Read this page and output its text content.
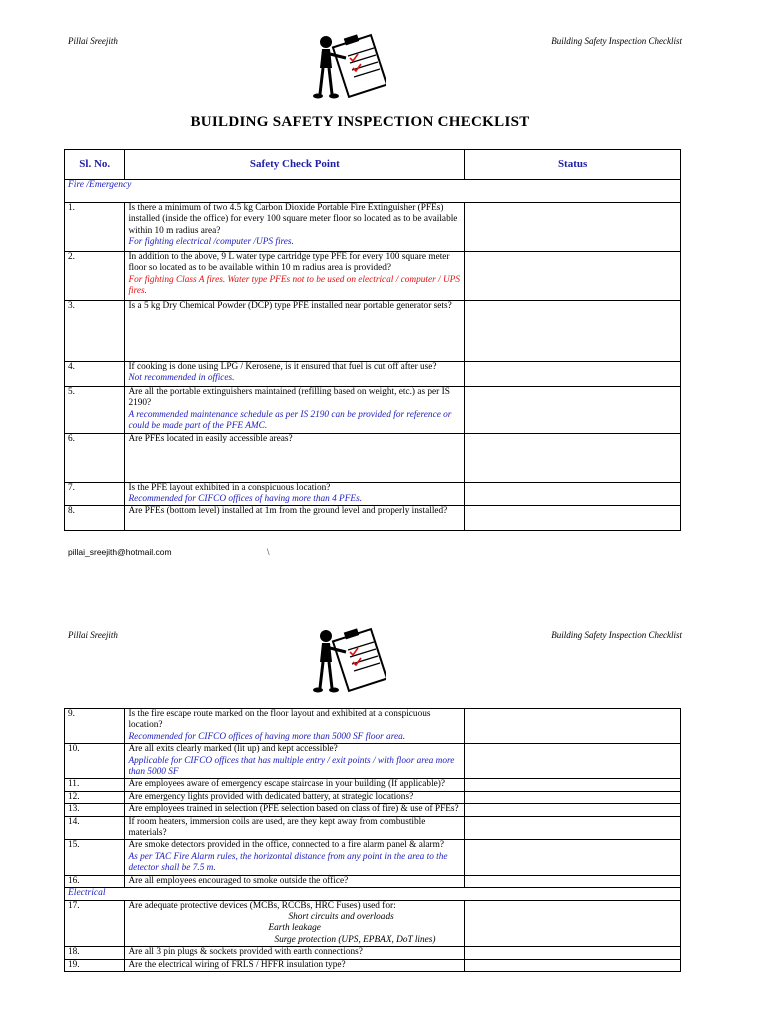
Pillai Sreejith	Building Safety Inspection Checklist
BUILDING SAFETY INSPECTION CHECKLIST
Sl. No.	Safety Check Point	Status
Fire /Emergency		
1.	Is there a minimum of two 4.5 kg Carbon Dioxide Portable Fire Extinguisher (PFEs) installed (inside the office) for every 100 square meter floor so located as to be available within 10 m radius area?
For fighting electrical /computer /UPS fires.	

2.	In addition to the above, 9 L water type cartridge type PFE for every 100 square meter floor so located as to be available within 10 m radius area is provided?
For fighting Class A fires. Water type PFEs not to be used on electrical / computer / UPS fires.	

3.	Is a 5 kg Dry Chemical Powder (DCP) type PFE installed near portable generator sets?	

4.	If cooking is done using LPG / Kerosene, is it ensured that fuel is cut off after use?
Not recommended in offices.	

5.	Are all the portable extinguishers maintained (refilling based on weight, etc.) as per IS 2190?
A recommended maintenance schedule as per IS 2190 can be provided for reference or could be made part of the PFE AMC.	

6.	Are PFEs located in easily accessible areas?	

7.	Is the PFE layout exhibited in a conspicuous location?
Recommended for CIFCO offices of having more than 4 PFEs.	

8.	Are PFEs (bottom level) installed at 1m from the ground level and properly installed?	

pillai_sreejith@hotmail.com	\
Pillai Sreejith	Building Safety Inspection Checklist
9.	Is the fire escape route marked on the floor layout and exhibited at a conspicuous location?
Recommended for CIFCO offices of having more than 5000 SF floor area.	

10.	Are all exits clearly marked (lit up) and kept accessible?
Applicable for CIFCO offices that has multiple entry / exit points / with floor area more than 5000 SF	

11.	Are employees aware of emergency escape staircase in your building (If applicable)?	

12.	Are emergency lights provided with dedicated battery, at strategic locations?	

13.	Are employees trained in selection (PFE selection based on class of fire) & use of PFEs?	

14.	If room heaters, immersion coils are used, are they kept away from combustible materials?	

15.	Are smoke detectors provided in the office, connected to a fire alarm panel & alarm?
As per TAC Fire Alarm rules, the horizontal distance from any point in the area to the detector shall be 7.5 m.	

16.	Are all employees encouraged to smoke outside the office?	

Electrical		
17.	Are adequate protective devices (MCBs, RCCBs, HRC Fuses) used for:
Short circuits and overloads
Earth leakage
Surge protection (UPS, EPBAX, DoT lines)	

18.	Are all 3 pin plugs & sockets provided with earth connections?	

19.	Are the electrical wiring of FRLS / HFFR insulation type?	
